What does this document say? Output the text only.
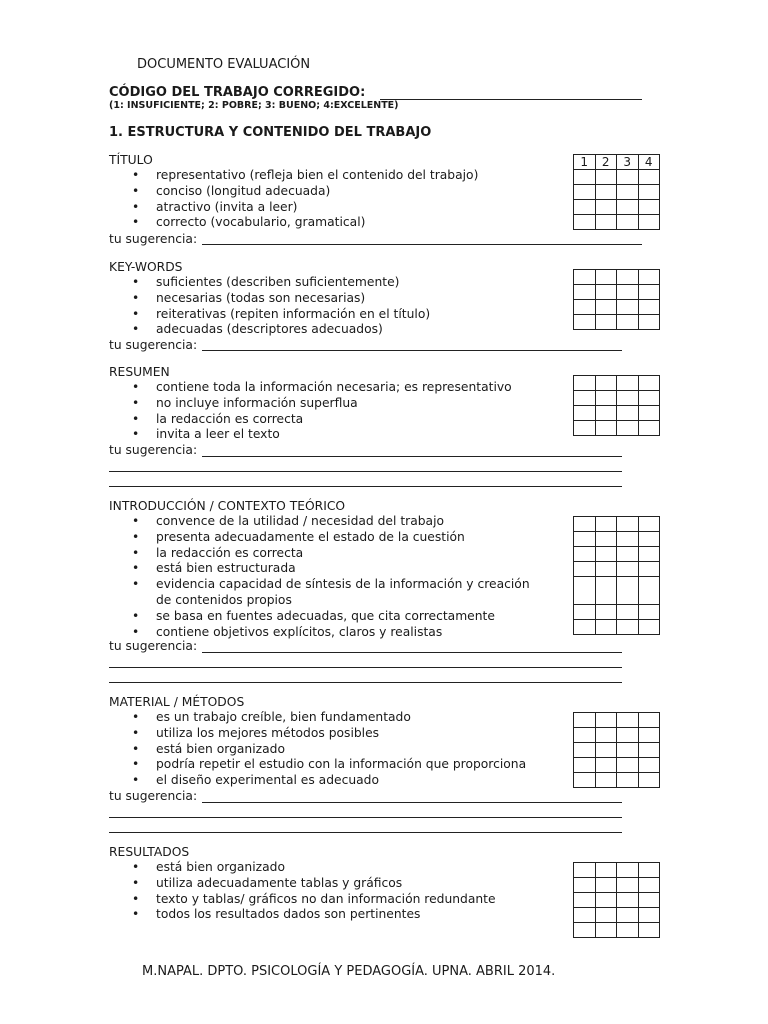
DOCUMENTO EVALUACIÓN
CÓDIGO DEL TRABAJO CORREGIDO:
(1: INSUFICIENTE; 2: POBRE; 3: BUENO; 4:EXCELENTE)
1. ESTRUCTURA Y CONTENIDO DEL TRABAJO
TÍTULO
• representativo (refleja bien el contenido del trabajo)
• conciso (longitud adecuada)
• atractivo (invita a leer)
• correcto (vocabulario, gramatical)
1	2	3	4

tu sugerencia:
KEY-WORDS
• suficientes (describen suficientemente)
• necesarias (todas son necesarias)
• reiterativas (repiten información en el título)
• adecuadas (descriptores adecuados)

tu sugerencia:
RESUMEN
• contiene toda la información necesaria; es representativo
• no incluye información superflua
• la redacción es correcta
• invita a leer el texto

tu sugerencia:
INTRODUCCIÓN / CONTEXTO TEÓRICO
• convence de la utilidad / necesidad del trabajo
• presenta adecuadamente el estado de la cuestión
• la redacción es correcta
• está bien estructurada
• evidencia capacidad de síntesis de la información y creación
de contenidos propios
• se basa en fuentes adecuadas, que cita correctamente
• contiene objetivos explícitos, claros y realistas

tu sugerencia:
MATERIAL / MÉTODOS
• es un trabajo creíble, bien fundamentado
• utiliza los mejores métodos posibles
• está bien organizado
• podría repetir el estudio con la información que proporciona
• el diseño experimental es adecuado

tu sugerencia:
RESULTADOS
• está bien organizado
• utiliza adecuadamente tablas y gráficos
• texto y tablas/ gráficos no dan información redundante
• todos los resultados dados son pertinentes

M.NAPAL. DPTO. PSICOLOGÍA Y PEDAGOGÍA. UPNA. ABRIL 2014.
